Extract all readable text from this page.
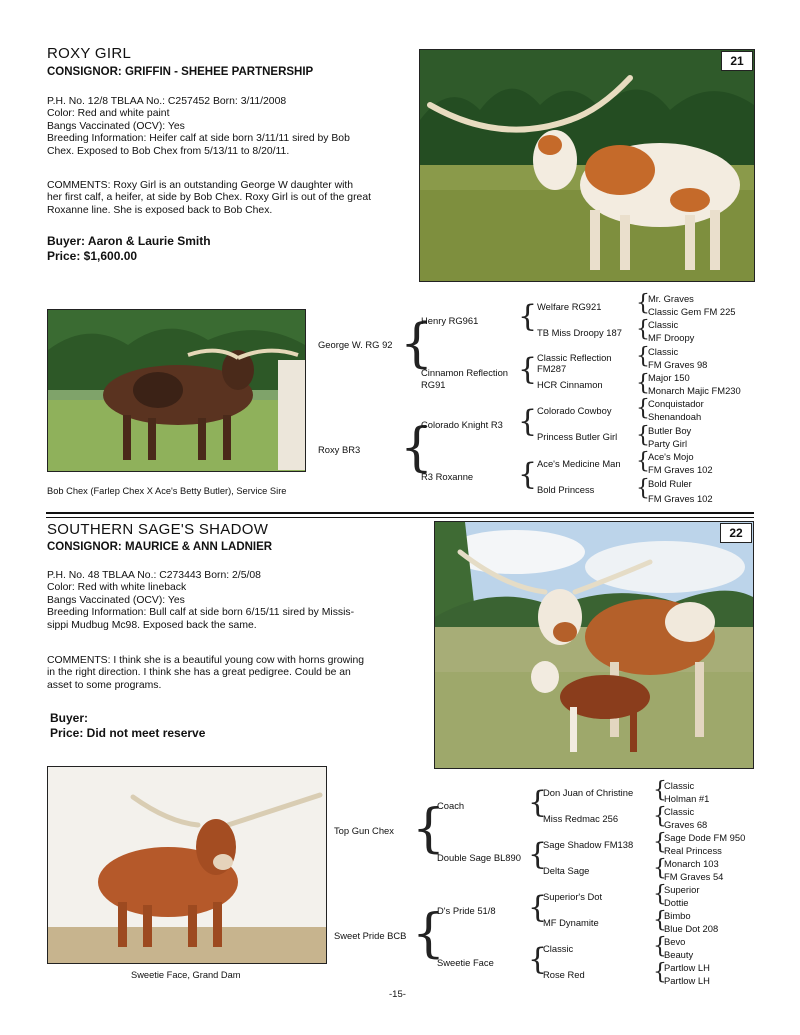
ROXY GIRL
CONSIGNOR: GRIFFIN - SHEHEE PARTNERSHIP
P.H. No. 12/8 TBLAA No.: C257452 Born: 3/11/2008
Color: Red and white paint
Bangs Vaccinated (OCV): Yes
Breeding Information: Heifer calf at side born 3/11/11 sired by Bob
Chex. Exposed to Bob Chex from 5/13/11 to 8/20/11.
COMMENTS: Roxy Girl is an outstanding George W daughter with
her first calf, a heifer, at side by Bob Chex. Roxy Girl is out of the great
Roxanne line. She is exposed back to Bob Chex.
Buyer: Aaron & Laurie Smith
Price: $1,600.00
21
Bob Chex (Farlep Chex X Ace's Betty Butler), Service Sire
George W. RG 92
Roxy BR3
{
{
Henry RG961
Cinnamon Reflection
RG91
Colorado Knight R3
R3 Roxanne
{
{
{
{
Welfare RG921
TB Miss Droopy 187
Classic Reflection
FM287
HCR Cinnamon
Colorado Cowboy
Princess Butler Girl
Ace's Medicine Man
Bold Princess
{
{
{
{
{
{
{
{
Mr. Graves
Classic Gem FM 225
Classic
MF Droopy
Classic
FM Graves 98
Major 150
Monarch Majic FM230
Conquistador
Shenandoah
Butler Boy
Party Girl
Ace's Mojo
FM Graves 102
Bold Ruler
FM Graves 102
SOUTHERN SAGE'S SHADOW
CONSIGNOR: MAURICE & ANN LADNIER
P.H. No. 48 TBLAA No.: C273443 Born: 2/5/08
Color: Red with white lineback
Bangs Vaccinated (OCV): Yes
Breeding Information: Bull calf at side born 6/15/11 sired by Missis-
sippi Mudbug Mc98. Exposed back the same.
COMMENTS: I think she is a beautiful young cow with horns growing
in the right direction. I think she has a great pedigree. Could be an
asset to some programs.
Buyer:
Price: Did not meet reserve
22
Sweetie Face, Grand Dam
Top Gun Chex
Sweet Pride BCB
{
{
Coach
Double Sage BL890
D's Pride 51/8
Sweetie Face
{
{
{
{
Don Juan of Christine
Miss Redmac 256
Sage Shadow FM138
Delta Sage
Superior's Dot
MF Dynamite
Classic
Rose Red
{
{
{
{
{
{
{
{
Classic
Holman #1
Classic
Graves 68
Sage Dode FM 950
Real Princess
Monarch 103
FM Graves 54
Superior
Dottie
Bimbo
Blue Dot 208
Bevo
Beauty
Partlow LH
Partlow LH
-15-
